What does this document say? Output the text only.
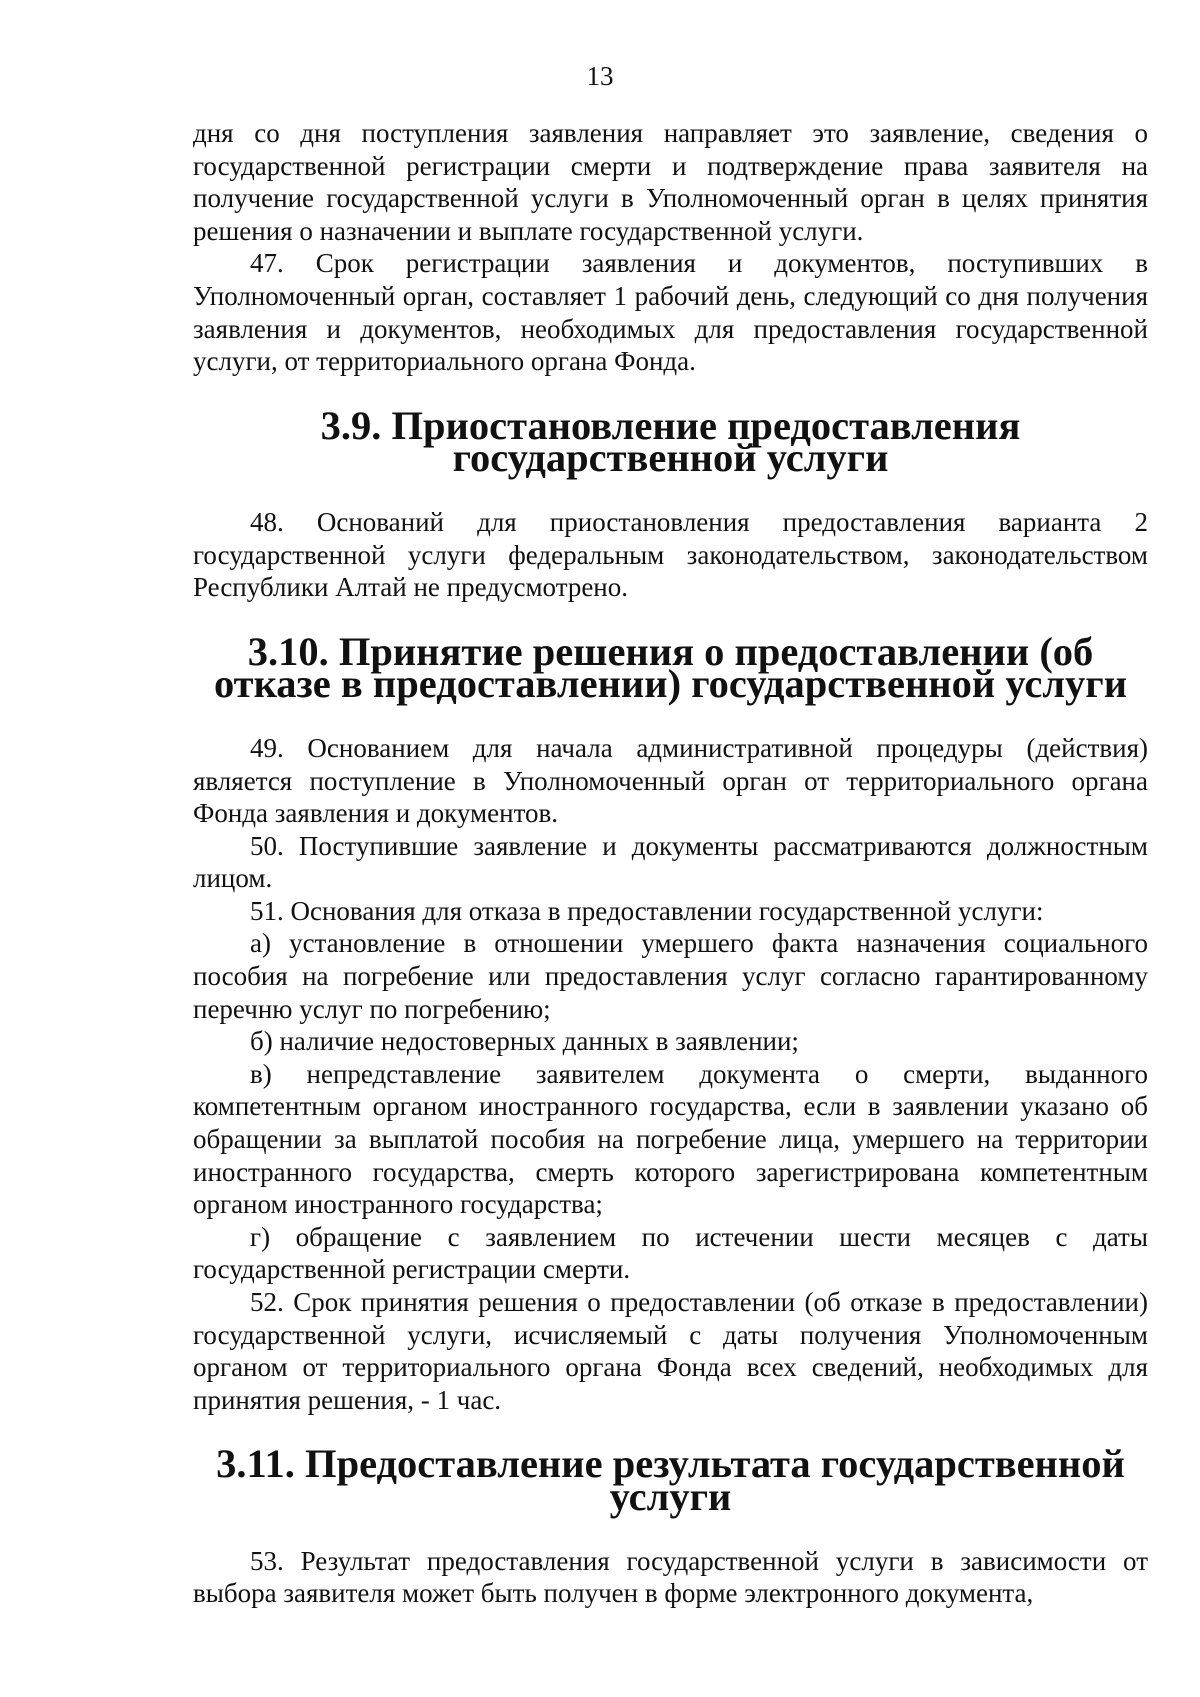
13

дня со дня поступления заявления направляет это заявление, сведения о государственной регистрации смерти и подтверждение права заявителя на получение государственной услуги в Уполномоченный орган в целях принятия решения о назначении и выплате государственной услуги.

47. Срок регистрации заявления и документов, поступивших в Уполномоченный орган, составляет 1 рабочий день, следующий со дня получения заявления и документов, необходимых для предоставления государственной услуги, от территориального органа Фонда.

3.9. Приостановление предоставления государственной услуги

48. Оснований для приостановления предоставления варианта 2 государственной услуги федеральным законодательством, законодательством Республики Алтай не предусмотрено.

3.10. Принятие решения о предоставлении (об отказе в предоставлении) государственной услуги

49. Основанием для начала административной процедуры (действия) является поступление в Уполномоченный орган от территориального органа Фонда заявления и документов.

50. Поступившие заявление и документы рассматриваются должностным лицом.

51. Основания для отказа в предоставлении государственной услуги:

а) установление в отношении умершего факта назначения социального пособия на погребение или предоставления услуг согласно гарантированному перечню услуг по погребению;

б) наличие недостоверных данных в заявлении;

в) непредставление заявителем документа о смерти, выданного компетентным органом иностранного государства, если в заявлении указано об обращении за выплатой пособия на погребение лица, умершего на территории иностранного государства, смерть которого зарегистрирована компетентным органом иностранного государства;

г) обращение с заявлением по истечении шести месяцев с даты государственной регистрации смерти.

52. Срок принятия решения о предоставлении (об отказе в предоставлении) государственной услуги, исчисляемый с даты получения Уполномоченным органом от территориального органа Фонда всех сведений, необходимых для принятия решения, - 1 час.

3.11. Предоставление результата государственной услуги

53. Результат предоставления государственной услуги в зависимости от выбора заявителя может быть получен в форме электронного документа,
